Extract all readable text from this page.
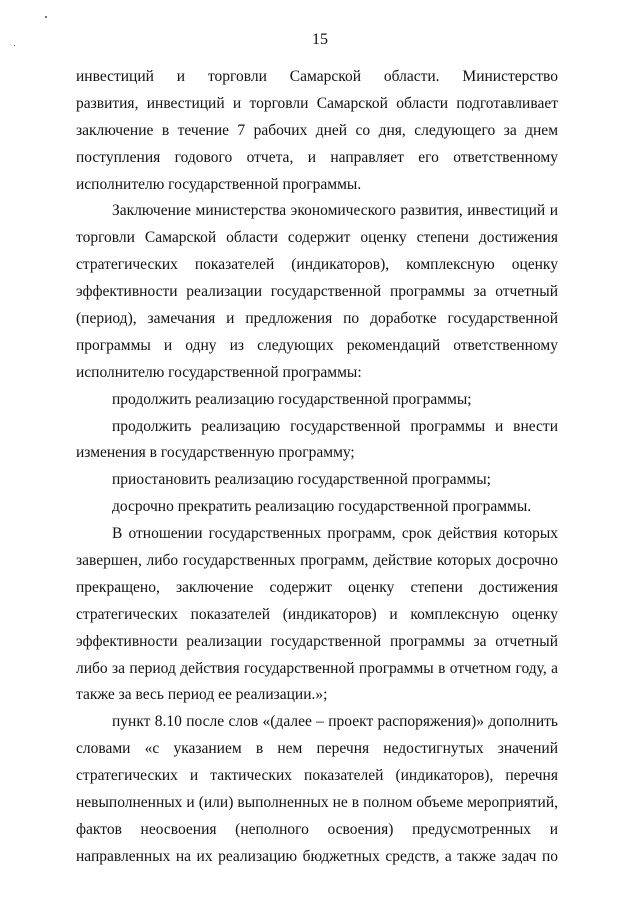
15
инвестиций и торговли Самарской области. Министерство
развития, инвестиций и торговли Самарской области подготавливает
заключение в течение 7 рабочих дней со дня, следующего за днем
поступления годового отчета, и направляет его ответственному
исполнителю государственной программы.
Заключение министерства экономического развития, инвестиций и
торговли Самарской области содержит оценку степени достижения
стратегических показателей (индикаторов), комплексную оценку
эффективности реализации государственной программы за отчетный
(период), замечания и предложения по доработке государственной
программы и одну из следующих рекомендаций ответственному
исполнителю государственной программы:
продолжить реализацию государственной программы;
продолжить реализацию государственной программы и внести
изменения в государственную программу;
приостановить реализацию государственной программы;
досрочно прекратить реализацию государственной программы.
В отношении государственных программ, срок действия которых
завершен, либо государственных программ, действие которых досрочно
прекращено, заключение содержит оценку степени достижения
стратегических показателей (индикаторов) и комплексную оценку
эффективности реализации государственной программы за отчетный
либо за период действия государственной программы в отчетном году, а
также за весь период ее реализации.»;
пункт 8.10 после слов «(далее – проект распоряжения)» дополнить
словами «с указанием в нем перечня недостигнутых значений
стратегических и тактических показателей (индикаторов), перечня
невыполненных и (или) выполненных не в полном объеме мероприятий,
фактов неосвоения (неполного освоения) предусмотренных и
направленных на их реализацию бюджетных средств, а также задач по
